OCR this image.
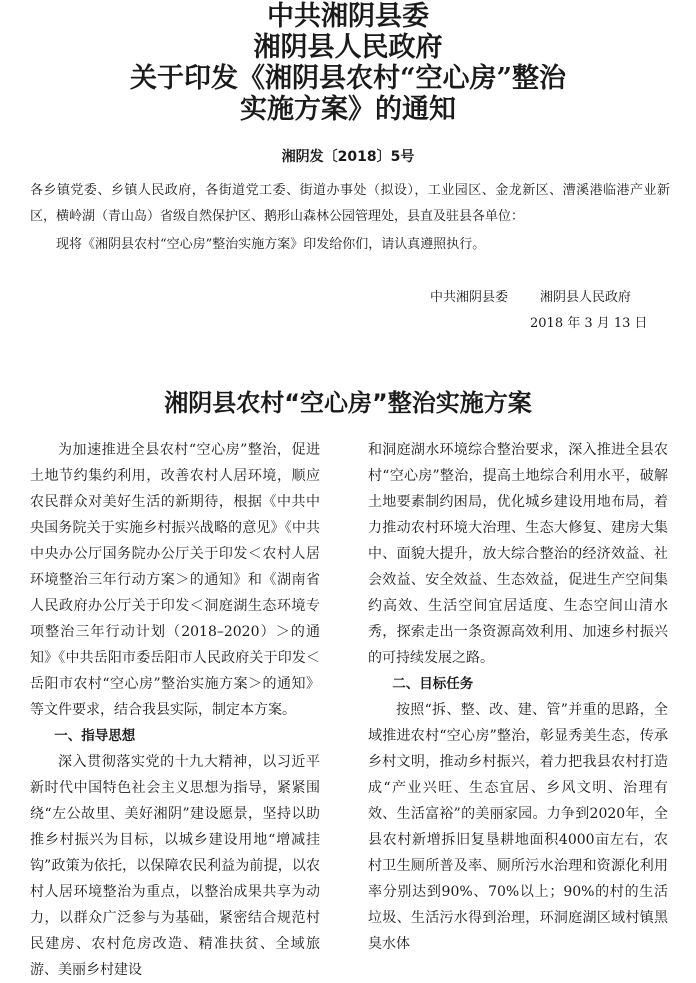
中共湘阴县委
湘阴县人民政府
关于印发《湘阴县农村“空心房”整治
实施方案》的通知
湘阴发〔2018〕5号
各乡镇党委、乡镇人民政府，各街道党工委、街道办事处（拟设），工业园区、金龙新区、漕溪港临港产业新区，横岭湖（青山岛）省级自然保护区、鹅形山森林公园管理处，县直及驻县各单位：
现将《湘阴县农村“空心房”整治实施方案》印发给你们，请认真遵照执行。
中共湘阴县委 湘阴县人民政府
2018 年 3 月 13 日
湘阴县农村“空心房”整治实施方案

为加速推进全县农村“空心房”整治，促进土地节约集约利用，改善农村人居环境，顺应农民群众对美好生活的新期待，根据《中共中央国务院关于实施乡村振兴战略的意见》《中共中央办公厅国务院办公厅关于印发＜农村人居环境整治三年行动方案＞的通知》和《湖南省人民政府办公厅关于印发＜洞庭湖生态环境专项整治三年行动计划（2018–2020）＞的通知》《中共岳阳市委岳阳市人民政府关于印发＜岳阳市农村“空心房”整治实施方案＞的通知》等文件要求，结合我县实际，制定本方案。

一、指导思想

深入贯彻落实党的十九大精神，以习近平新时代中国特色社会主义思想为指导，紧紧围绕“左公故里、美好湘阴”建设愿景，坚持以助推乡村振兴为目标，以城乡建设用地“增减挂钩”政策为依托，以保障农民利益为前提，以农村人居环境整治为重点，以整治成果共享为动力，以群众广泛参与为基础，紧密结合规范村民建房、农村危房改造、精准扶贫、全域旅游、美丽乡村建设

和洞庭湖水环境综合整治要求，深入推进全县农村“空心房”整治，提高土地综合利用水平，破解土地要素制约困局，优化城乡建设用地布局，着力推动农村环境大治理、生态大修复、建房大集中、面貌大提升，放大综合整治的经济效益、社会效益、安全效益、生态效益，促进生产空间集约高效、生活空间宜居适度、生态空间山清水秀，探索走出一条资源高效利用、加速乡村振兴的可持续发展之路。

二、目标任务

按照“拆、整、改、建、管”并重的思路，全域推进农村“空心房”整治，彰显秀美生态，传承乡村文明，推动乡村振兴，着力把我县农村打造成“产业兴旺、生态宜居、乡风文明、治理有效、生活富裕”的美丽家园。力争到2020年，全县农村新增拆旧复垦耕地面积4000亩左右，农村卫生厕所普及率、厕所污水治理和资源化利用率分别达到90%、70%以上；90%的村的生活垃圾、生活污水得到治理，环洞庭湖区域村镇黑臭水体
